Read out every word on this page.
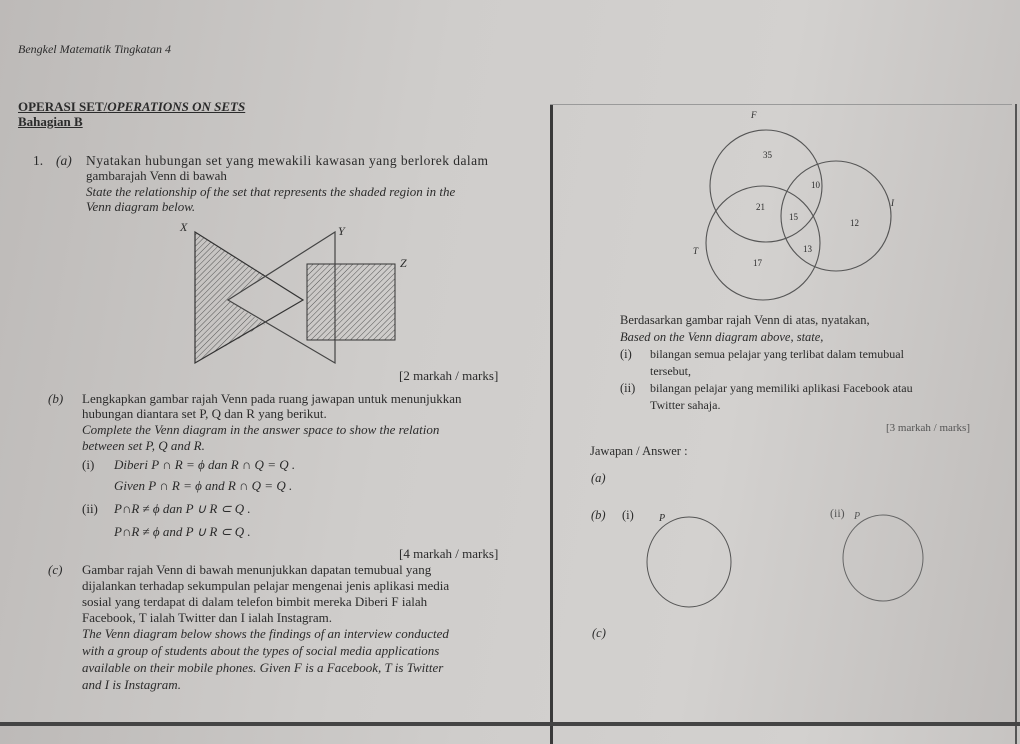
Bengkel Matematik Tingkatan 4
OPERASI SET/OPERATIONS ON SETS
Bahagian B
1. (a) Nyatakan hubungan set yang mewakili kawasan yang berlorek dalam
gambarajah Venn di bawah
State the relationship of the set that represents the shaded region in the
Venn diagram below.
X	Y
Z
[2 markah / marks]
(b) Lengkapkan gambar rajah Venn pada ruang jawapan untuk menunjukkan
hubungan diantara set P, Q dan R yang berikut.
Complete the Venn diagram in the answer space to show the relation
between set P, Q and R.
(i) Diberi P ∩ R = ϕ dan R ∩ Q = Q .
Given P ∩ R = ϕ and R ∩ Q = Q .
(ii) P∩R ≠ ϕ dan P ∪ R ⊂ Q .
P∩R ≠ ϕ and P ∪ R ⊂ Q .
[4 markah / marks]
(c) Gambar rajah Venn di bawah menunjukkan dapatan temubual yang
dijalankan terhadap sekumpulan pelajar mengenai jenis aplikasi media
sosial yang terdapat di dalam telefon bimbit mereka Diberi F ialah
Facebook, T ialah Twitter dan I ialah Instagram.
The Venn diagram below shows the findings of an interview conducted
with a group of students about the types of social media applications
available on their mobile phones. Given F is a Facebook, T is Twitter
and I is Instagram.
F
I
T
35
10
21
15
12
13
17
Berdasarkan gambar rajah Venn di atas, nyatakan,
Based on the Venn diagram above, state,
(i) bilangan semua pelajar yang terlibat dalam temubual
tersebut,
(ii) bilangan pelajar yang memiliki aplikasi Facebook atau
Twitter sahaja.
[3 markah / marks]
Jawapan / Answer :
(a)
(b) (i)	P	(ii) P
(c)
